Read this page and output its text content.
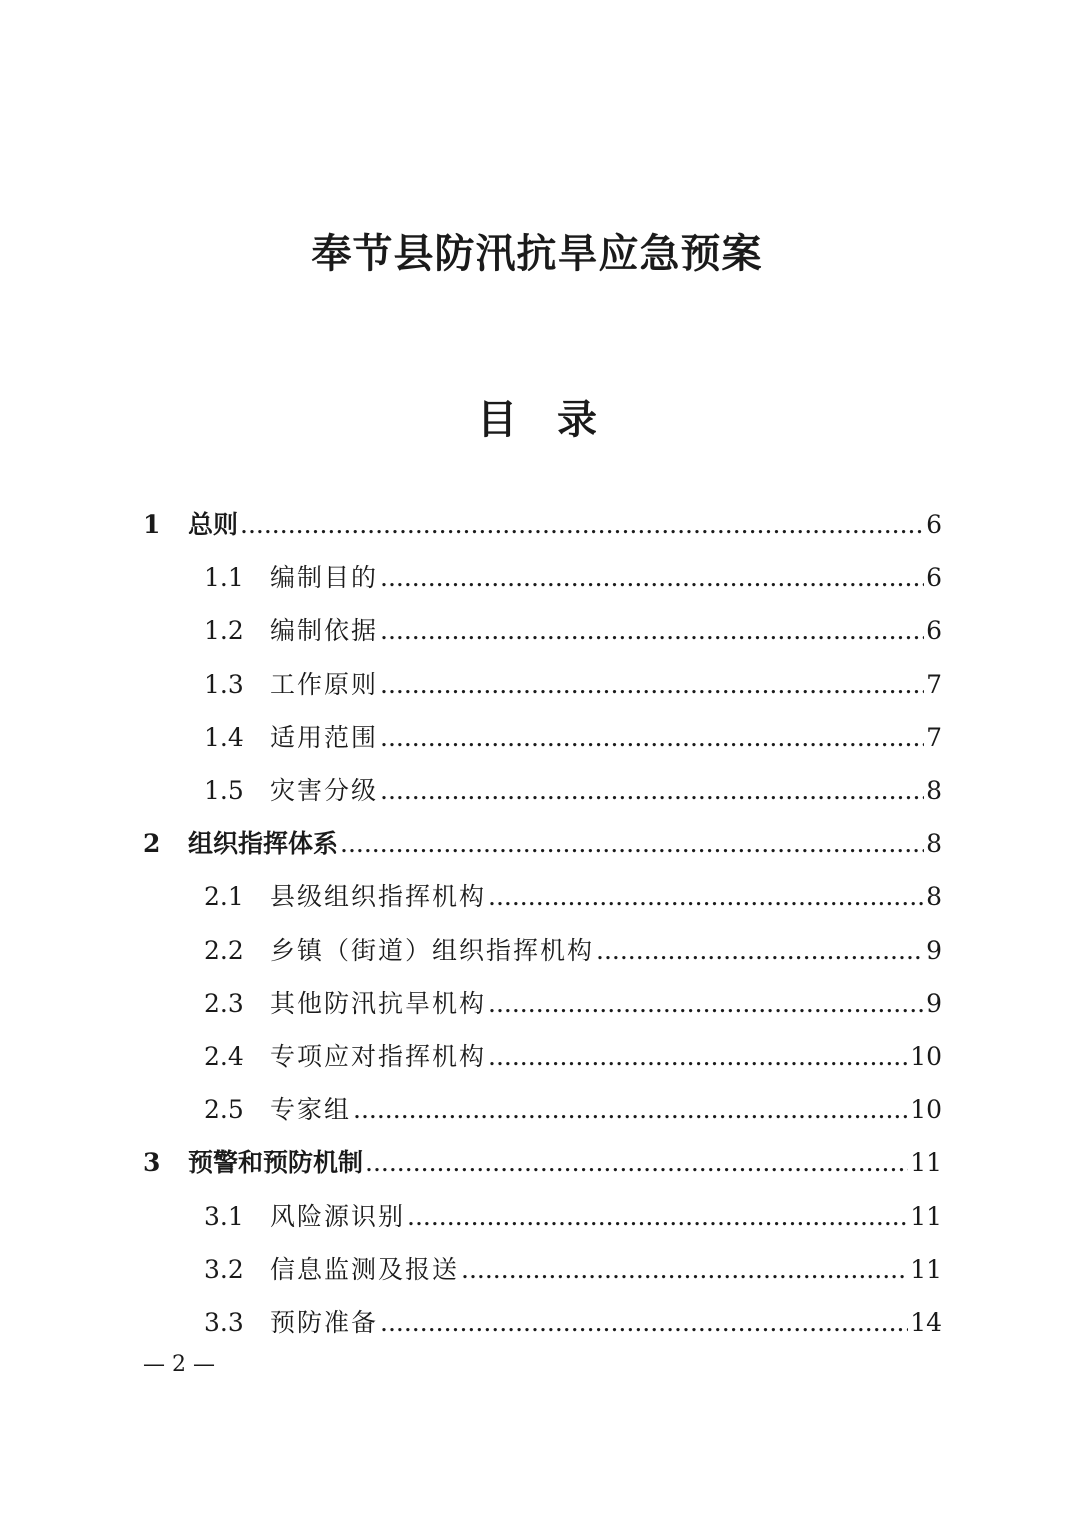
奉节县防汛抗旱应急预案
目 录
1	总则 .....	6
1.1	编制目的 .....	6
1.2	编制依据 .....	6
1.3	工作原则 .....	7
1.4	适用范围 .....	7
1.5	灾害分级 .....	8
2	组织指挥体系 .....	8
2.1	县级组织指挥机构 .....	8
2.2	乡镇（街道）组织指挥机构 .....	9
2.3	其他防汛抗旱机构 .....	9
2.4	专项应对指挥机构 .....	10
2.5	专家组 .....	10
3	预警和预防机制 .....	11
3.1	风险源识别 .....	11
3.2	信息监测及报送 .....	11
3.3	预防准备 .....	14

— 2 —
